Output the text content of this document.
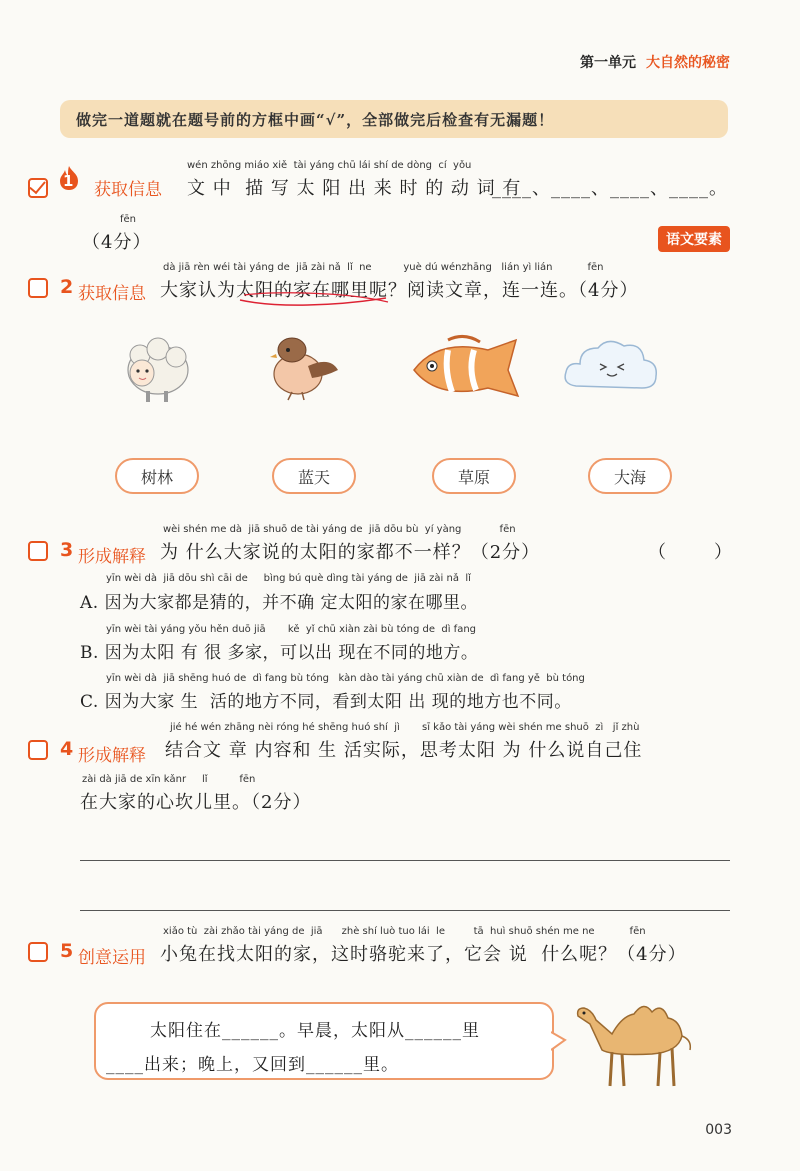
第一单元 大自然的秘密
做完一道题就在题号前的方框中画“√”，全部做完后检查有无漏题！
1 获取信息
wén zhōng miáo xiě  tài yáng chū lái shí de dòng  cí  yǒu
文 中  描 写 太 阳 出 来 时 的 动 词 有
____、____、____、____。
fēn
（4分）	语文要素
2 获取信息
dà jiā rèn wéi tài yáng de  jiā zài nǎ  lǐ  ne          yuè dú wénzhāng   lián yì lián           fēn
大家认为太阳的家在哪里呢？阅读文章，连一连。（4分）
树林	蓝天	草原	大海
3 形成解释
wèi shén me dà  jiā shuō de tài yáng de  jiā dōu bù  yí yàng            fēn
为 什么大家说的太阳的家都不一样？（2分）	（       ）
yīn wèi dà  jiā dōu shì cāi de     bìng bú què dìng tài yáng de  jiā zài nǎ  lǐ
A. 因为大家都是猜的，并不确 定太阳的家在哪里。
yīn wèi tài yáng yǒu hěn duō jiā       kě  yǐ chū xiàn zài bù tóng de  dì fang
B. 因为太阳 有 很 多家，可以出 现在不同的地方。
yīn wèi dà  jiā shēng huó de  dì fang bù tóng   kàn dào tài yáng chū xiàn de  dì fang yě  bù tóng
C. 因为大家 生  活的地方不同，看到太阳 出 现的地方也不同。
4 形成解释
jié hé wén zhāng nèi róng hé shēng huó shí  jì       sī kǎo tài yáng wèi shén me shuō  zì   jǐ zhù
结合文 章 内容和 生 活实际，思考太阳 为 什么说自己住
zài dà jiā de xīn kǎnr     lǐ          fēn
在大家的心坎儿里。（2分）
5 创意运用
xiǎo tù  zài zhǎo tài yáng de  jiā      zhè shí luò tuo lái  le         tā  huì shuō shén me ne           fēn
小兔在找太阳的家，这时骆驼来了，它会 说  什么呢？（4分）
太阳住在______。早晨，太阳从______里
____出来；晚上，又回到______里。
003
